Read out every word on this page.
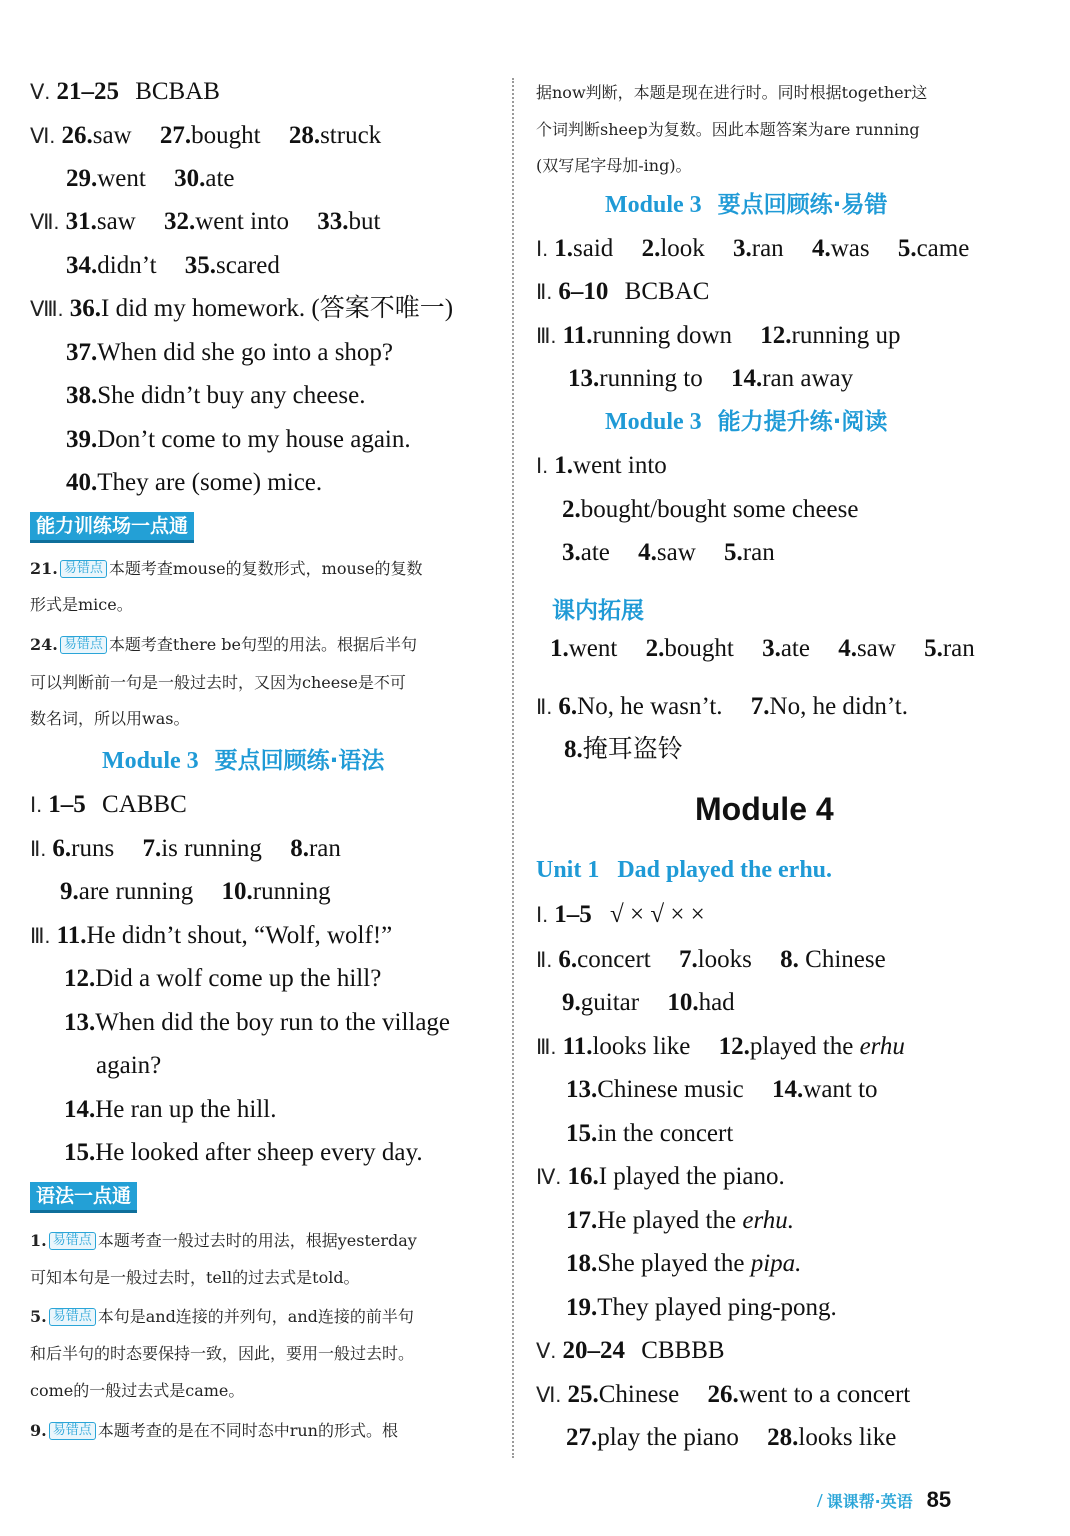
Ⅴ. 21–25 BCBAB
Ⅵ. 26.saw 27.bought 28.struck
29.went 30.ate
Ⅶ. 31.saw 32.went into 33.but
34.didn’t 35.scared
Ⅷ. 36.I did my homework. (答案不唯一)
37.When did she go into a shop?
38.She didn’t buy any cheese.
39.Don’t come to my house again.
40.They are (some) mice.
能力训练场一点通
21. 易错点 本题考查mouse的复数形式，mouse的复数
形式是mice。
24. 易错点 本题考查there be句型的用法。根据后半句
可以判断前一句是一般过去时，又因为cheese是不可
数名词，所以用was。
Module 3 要点回顾练·语法
Ⅰ. 1–5 CABBC
Ⅱ. 6.runs 7.is running 8.ran
9.are running 10.running
Ⅲ. 11.He didn’t shout, “Wolf, wolf!”
12.Did a wolf come up the hill?
13.When did the boy run to the village
again?
14.He ran up the hill.
15.He looked after sheep every day.
语法一点通
1. 易错点 本题考查一般过去时的用法，根据yesterday
可知本句是一般过去时，tell的过去式是told。
5. 易错点 本句是and连接的并列句，and连接的前半句
和后半句的时态要保持一致，因此，要用一般过去时。
come的一般过去式是came。
9. 易错点 本题考查的是在不同时态中run的形式。根
据now判断，本题是现在进行时。同时根据together这
个词判断sheep为复数。因此本题答案为are running
(双写尾字母加-ing)。
Module 3 要点回顾练·易错
Ⅰ. 1.said 2.look 3.ran 4.was 5.came
Ⅱ. 6–10 BCBAC
Ⅲ. 11.running down 12.running up
13.running to 14.ran away
Module 3 能力提升练·阅读
Ⅰ. 1.went into
2.bought/bought some cheese
3.ate 4.saw 5.ran
课内拓展
1.went 2.bought 3.ate 4.saw 5.ran
Ⅱ. 6.No, he wasn’t. 7.No, he didn’t.
8.掩耳盗铃
Module 4
Unit 1 Dad played the erhu.
Ⅰ. 1–5 √ × √ × ×
Ⅱ. 6.concert 7.looks 8. Chinese
9.guitar 10.had
Ⅲ. 11.looks like 12.played the erhu
13.Chinese music 14.want to
15.in the concert
Ⅳ. 16.I played the piano.
17.He played the erhu.
18.She played the pipa.
19.They played ping-pong.
Ⅴ. 20–24 CBBBB
Ⅵ. 25.Chinese 26.went to a concert
27.play the piano 28.looks like
/ 课课帮·英语 85
